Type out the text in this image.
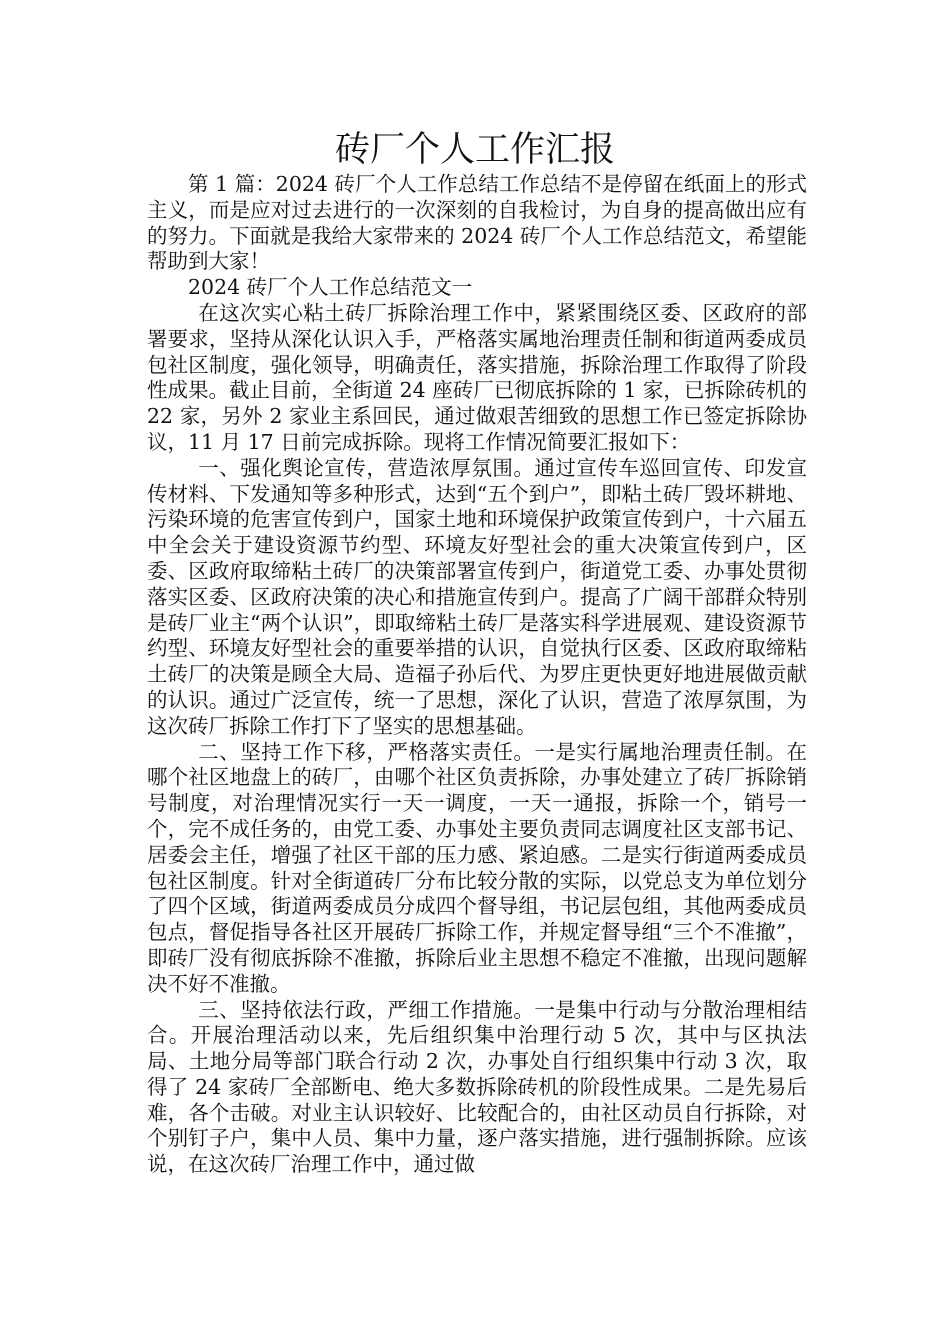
砖厂个人工作汇报

第 1 篇：2024 砖厂个人工作总结工作总结不是停留在纸面上的形式主义，而是应对过去进行的一次深刻的自我检讨，为自身的提高做出应有的努力。下面就是我给大家带来的 2024 砖厂个人工作总结范文，希望能帮助到大家！

2024 砖厂个人工作总结范文一

在这次实心粘土砖厂拆除治理工作中，紧紧围绕区委、区政府的部署要求，坚持从深化认识入手，严格落实属地治理责任制和街道两委成员包社区制度，强化领导，明确责任，落实措施，拆除治理工作取得了阶段性成果。截止目前，全街道 24 座砖厂已彻底拆除的 1 家，已拆除砖机的 22 家，另外 2 家业主系回民，通过做艰苦细致的思想工作已签定拆除协议，11 月 17 日前完成拆除。现将工作情况简要汇报如下：

一、强化舆论宣传，营造浓厚氛围。通过宣传车巡回宣传、印发宣传材料、下发通知等多种形式，达到“五个到户”，即粘土砖厂毁坏耕地、污染环境的危害宣传到户，国家土地和环境保护政策宣传到户，十六届五中全会关于建设资源节约型、环境友好型社会的重大决策宣传到户，区委、区政府取缔粘土砖厂的决策部署宣传到户，街道党工委、办事处贯彻落实区委、区政府决策的决心和措施宣传到户。提高了广阔干部群众特别是砖厂业主“两个认识”，即取缔粘土砖厂是落实科学进展观、建设资源节约型、环境友好型社会的重要举措的认识，自觉执行区委、区政府取缔粘土砖厂的决策是顾全大局、造福子孙后代、为罗庄更快更好地进展做贡献的认识。通过广泛宣传，统一了思想，深化了认识，营造了浓厚氛围，为这次砖厂拆除工作打下了坚实的思想基础。

二、坚持工作下移，严格落实责任。一是实行属地治理责任制。在哪个社区地盘上的砖厂，由哪个社区负责拆除，办事处建立了砖厂拆除销号制度，对治理情况实行一天一调度，一天一通报，拆除一个，销号一个，完不成任务的，由党工委、办事处主要负责同志调度社区支部书记、居委会主任，增强了社区干部的压力感、紧迫感。二是实行街道两委成员包社区制度。针对全街道砖厂分布比较分散的实际，以党总支为单位划分了四个区域，街道两委成员分成四个督导组，书记层包组，其他两委成员包点，督促指导各社区开展砖厂拆除工作，并规定督导组“三个不准撤”，即砖厂没有彻底拆除不准撤，拆除后业主思想不稳定不准撤，出现问题解决不好不准撤。

三、坚持依法行政，严细工作措施。一是集中行动与分散治理相结合。开展治理活动以来，先后组织集中治理行动 5 次，其中与区执法局、土地分局等部门联合行动 2 次，办事处自行组织集中行动 3 次，取得了 24 家砖厂全部断电、绝大多数拆除砖机的阶段性成果。二是先易后难，各个击破。对业主认识较好、比较配合的，由社区动员自行拆除，对个别钉子户，集中人员、集中力量，逐户落实措施，进行强制拆除。应该说，在这次砖厂治理工作中，通过做
